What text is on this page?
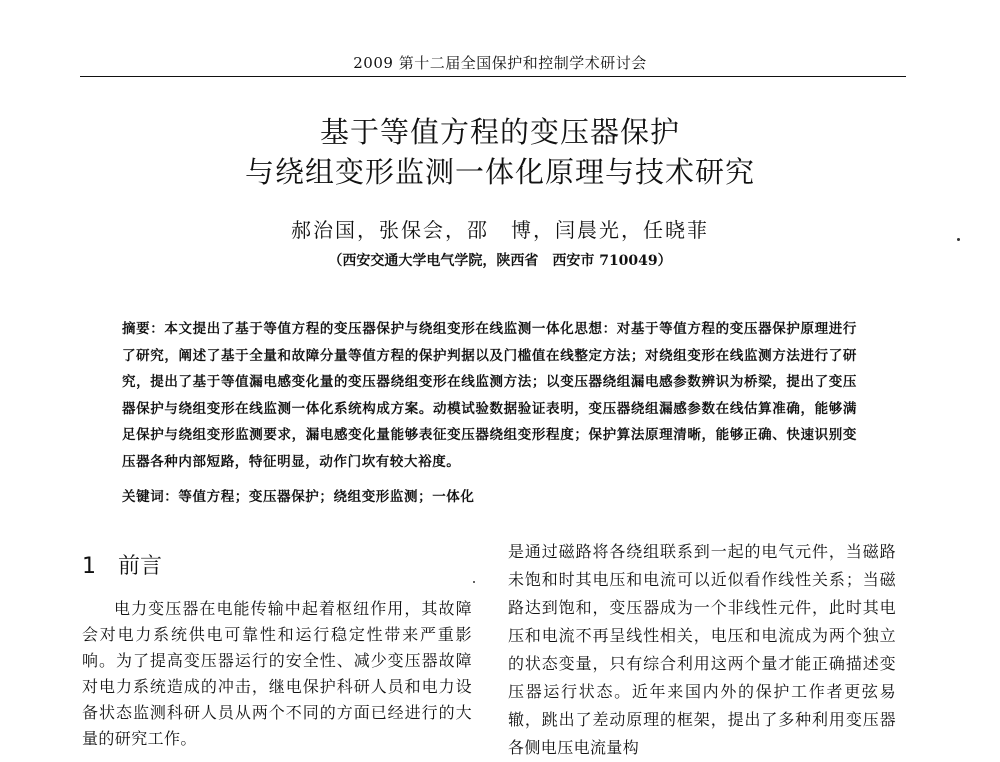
2009 第十二届全国保护和控制学术研讨会
基于等值方程的变压器保护
与绕组变形监测一体化原理与技术研究
郝治国，张保会，邵　博，闫晨光，任晓菲
（西安交通大学电气学院，陕西省　西安市 710049）
摘要：本文提出了基于等值方程的变压器保护与绕组变形在线监测一体化思想：对基于等值方程的变压器保护原理进行了研究，阐述了基于全量和故障分量等值方程的保护判据以及门槛值在线整定方法；对绕组变形在线监测方法进行了研究，提出了基于等值漏电感变化量的变压器绕组变形在线监测方法；以变压器绕组漏电感参数辨识为桥梁，提出了变压器保护与绕组变形在线监测一体化系统构成方案。动模试验数据验证表明，变压器绕组漏感参数在线估算准确，能够满足保护与绕组变形监测要求，漏电感变化量能够表征变压器绕组变形程度；保护算法原理清晰，能够正确、快速识别变压器各种内部短路，特征明显，动作门坎有较大裕度。
关键词：等值方程；变压器保护；绕组变形监测；一体化
1 前言
电力变压器在电能传输中起着枢纽作用，其故障会对电力系统供电可靠性和运行稳定性带来严重影响。为了提高变压器运行的安全性、减少变压器故障对电力系统造成的冲击，继电保护科研人员和电力设备状态监测科研人员从两个不同的方面已经进行的大量的研究工作。
是通过磁路将各绕组联系到一起的电气元件，当磁路未饱和时其电压和电流可以近似看作线性关系；当磁路达到饱和，变压器成为一个非线性元件，此时其电压和电流不再呈线性相关，电压和电流成为两个独立的状态变量，只有综合利用这两个量才能正确描述变压器运行状态。近年来国内外的保护工作者更弦易辙，跳出了差动原理的框架，提出了多种利用变压器各侧电压电流量构
